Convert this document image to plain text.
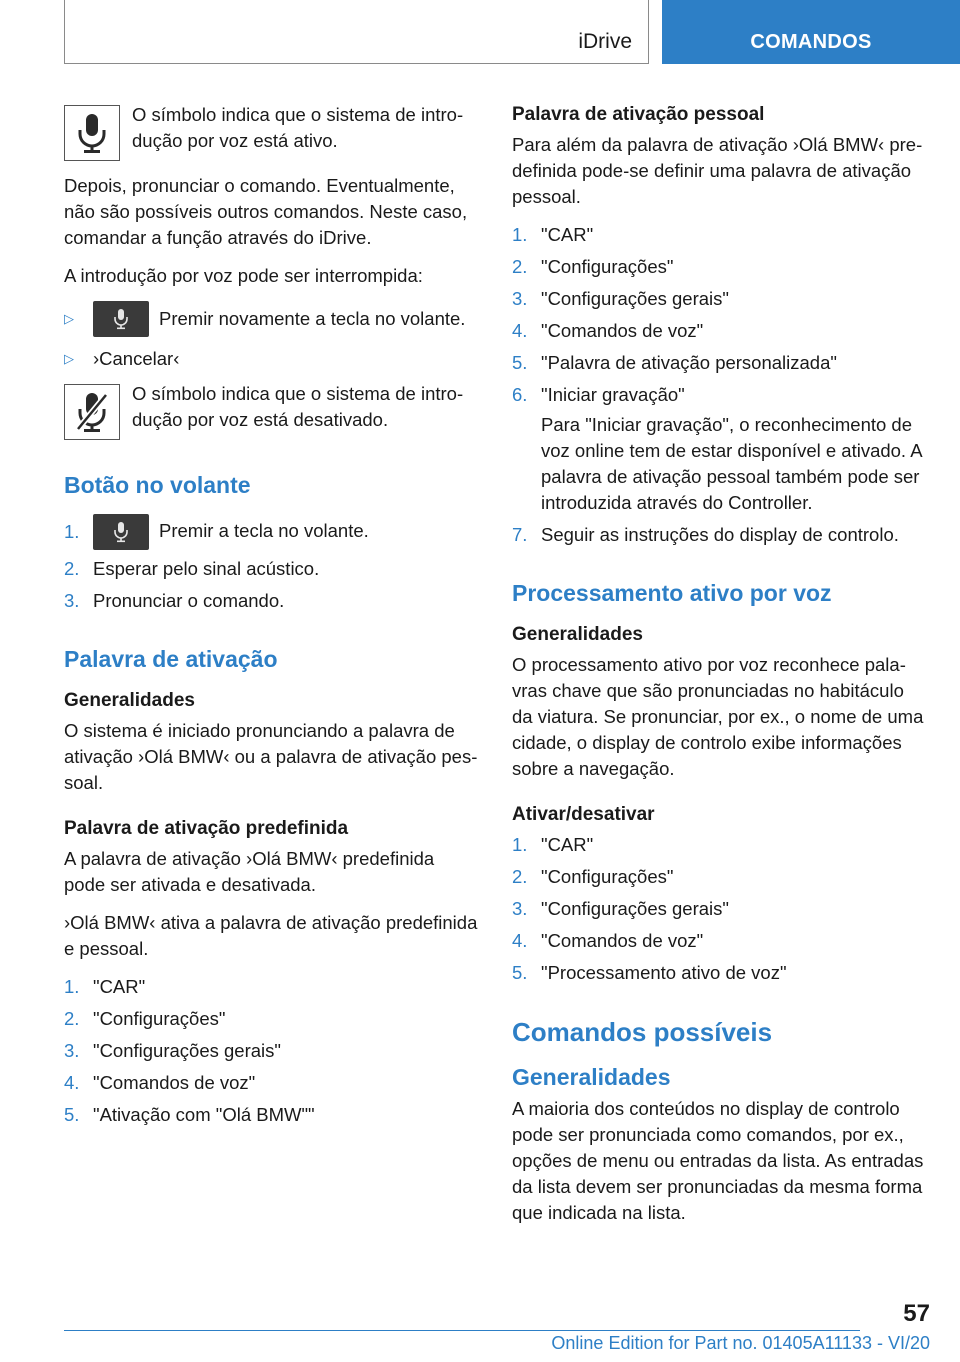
iDrive	COMANDOS
O símbolo indica que o sistema de introdução por voz está ativo.

Depois, pronunciar o comando. Eventualmente, não são possíveis outros comandos. Neste caso, comandar a função através do iDrive.

A introdução por voz pode ser interrompida:

▷	Premir novamente a tecla no volante.
▷	›Cancelar‹
O símbolo indica que o sistema de introdução por voz está desativado.
Botão no volante
1.	Premir a tecla no volante.
2. Esperar pelo sinal acústico.
3. Pronunciar o comando.
Palavra de ativação
Generalidades

O sistema é iniciado pronunciando a palavra de ativação ›Olá BMW‹ ou a palavra de ativação pessoal.

Palavra de ativação predefinida

A palavra de ativação ›Olá BMW‹ predefinida pode ser ativada e desativada.

›Olá BMW‹ ativa a palavra de ativação predefinida e pessoal.

1. "CAR"
2. "Configurações"
3. "Configurações gerais"
4. "Comandos de voz"
5. "Ativação com "Olá BMW""
Palavra de ativação pessoal

Para além da palavra de ativação ›Olá BMW‹ predefinida pode-se definir uma palavra de ativação pessoal.

1. "CAR"
2. "Configurações"
3. "Configurações gerais"
4. "Comandos de voz"
5. "Palavra de ativação personalizada"
6. "Iniciar gravação"
Para "Iniciar gravação", o reconhecimento de voz online tem de estar disponível e ativado. A palavra de ativação pessoal também pode ser introduzida através do Controller.
7. Seguir as instruções do display de controlo.
Processamento ativo por voz
Generalidades

O processamento ativo por voz reconhece palavras chave que são pronunciadas no habitáculo da viatura. Se pronunciar, por ex., o nome de uma cidade, o display de controlo exibe informações sobre a navegação.

Ativar/desativar
1. "CAR"
2. "Configurações"
3. "Configurações gerais"
4. "Comandos de voz"
5. "Processamento ativo de voz"
Comandos possíveis
Generalidades

A maioria dos conteúdos no display de controlo pode ser pronunciada como comandos, por ex., opções de menu ou entradas da lista. As entradas da lista devem ser pronunciadas da mesma forma que indicada na lista.

57
Online Edition for Part no. 01405A11133 - VI/20
